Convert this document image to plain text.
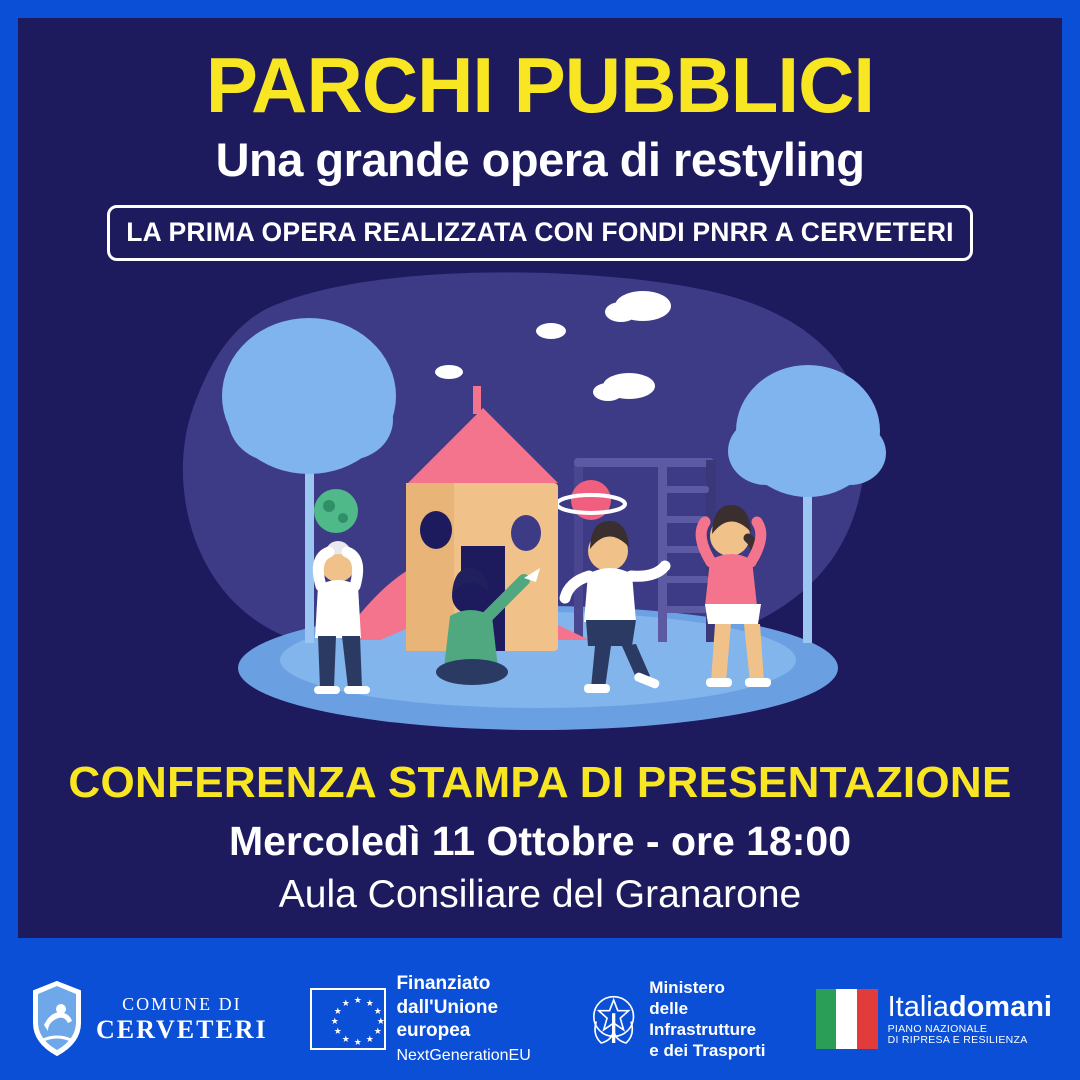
PARCHI PUBBLICI
Una grande opera di restyling
LA PRIMA OPERA REALIZZATA CON FONDI PNRR A CERVETERI
CONFERENZA STAMPA DI PRESENTAZIONE
Mercoledì 11 Ottobre - ore 18:00
Aula Consiliare del Granarone
COMUNE DI
CERVETERI
★ ★
★
★
★
★
★
★
★
★
★
★
Finanziato
dall'Unione europea
NextGenerationEU
Ministero
delle Infrastrutture
e dei Trasporti
Italiadomani
PIANO NAZIONALE
DI RIPRESA E RESILIENZA
